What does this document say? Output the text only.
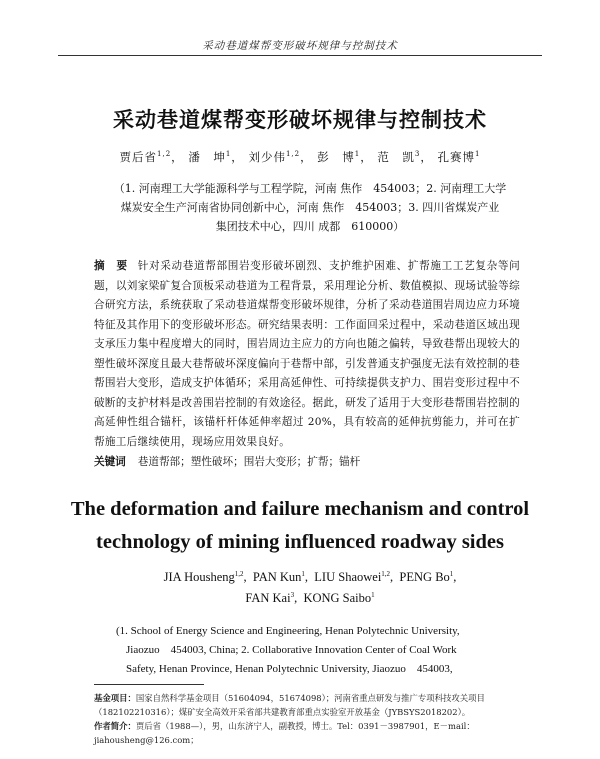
采动巷道煤帮变形破坏规律与控制技术
采动巷道煤帮变形破坏规律与控制技术
贾后省$^{1,2}$， 潘　坤$^1$， 刘少伟$^{1,2}$， 彭　博$^1$， 范　凯$^3$， 孔赛博$^1$
（1. 河南理工大学能源科学与工程学院，河南 焦作　454003；2. 河南理工大学
煤炭安全生产河南省协同创新中心，河南 焦作　454003；3. 四川省煤炭产业
集团技术中心，四川 成都　610000）
摘　要 针对采动巷道帮部围岩变形破坏剧烈、支护维护困难、扩帮施工工艺复杂等问题，以刘家梁矿复合顶板采动巷道为工程背景，采用理论分析、数值模拟、现场试验等综合研究方法，系统获取了采动巷道煤帮变形破坏规律，分析了采动巷道围岩周边应力环境特征及其作用下的变形破坏形态。研究结果表明：工作面回采过程中，采动巷道区域出现支承压力集中程度增大的同时，围岩周边主应力的方向也随之偏转，导致巷帮出现较大的塑性破坏深度且最大巷帮破坏深度偏向于巷帮中部，引发普通支护强度无法有效控制的巷帮围岩大变形，造成支护体循环；采用高延伸性、可持续提供支护力、围岩变形过程中不破断的支护材料是改善围岩控制的有效途径。据此，研发了适用于大变形巷帮围岩控制的高延伸性组合锚杆，该锚杆杆体延伸率超过 20%，具有较高的延伸抗剪能力，并可在扩帮施工后继续使用，现场应用效果良好。
关键词 巷道帮部；塑性破坏；围岩大变形；扩帮；锚杆
The deformation and failure mechanism and control
technology of mining influenced roadway sides
JIA Housheng$^{1,2}$,  PAN Kun$^1$,  LIU Shaowei$^{1,2}$,  PENG Bo$^1$,
FAN Kai$^3$,  KONG Saibo$^1$
(1. School of Energy Science and Engineering, Henan Polytechnic University,
Jiaozuo　454003, China; 2. Collaborative Innovation Center of Coal Work
Safety, Henan Province, Henan Polytechnic University, Jiaozuo　454003,
基金项目：国家自然科学基金项目（51604094，51674098）；河南省重点研发与推广专项科技攻关项目（182102210316）；煤矿安全高效开采省部共建教育部重点实验室开放基金（JYBSYS2018202）。
作者简介：贾后省（1988—），男，山东济宁人，副教授，博士。Tel：0391－3987901，E－mail：jiahousheng@126.com；
